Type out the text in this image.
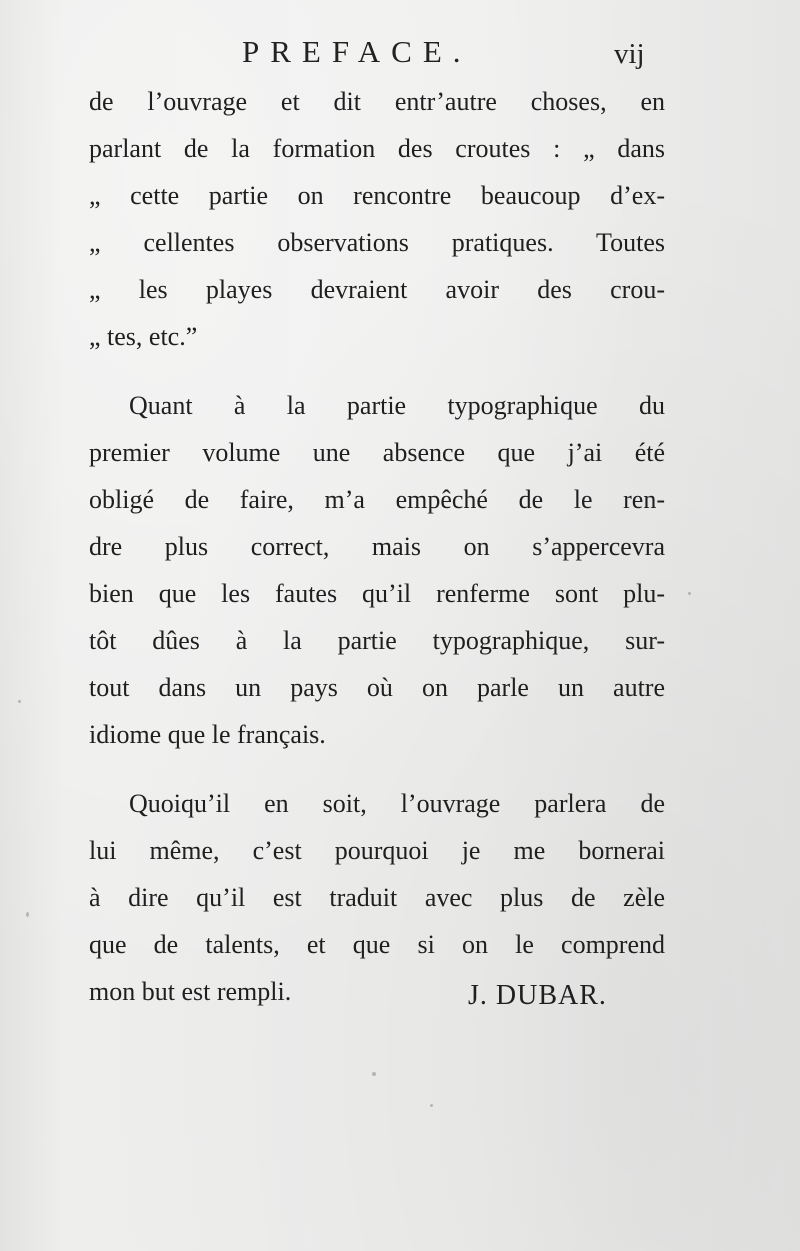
PREFACE.	vij
de l’ouvrage et dit entr’autre choses, en
parlant de la formation des croutes : „ dans
„ cette partie on rencontre beaucoup d’ex-
„ cellentes observations pratiques. Toutes
„ les playes devraient avoir des crou-
„ tes, etc.”
Quant à la partie typographique du
premier volume une absence que j’ai été
obligé de faire, m’a empêché de le ren-
dre plus correct, mais on s’appercevra
bien que les fautes qu’il renferme sont plu-
tôt dûes à la partie typographique, sur-
tout dans un pays où on parle un autre
idiome que le français.
Quoiqu’il en soit, l’ouvrage parlera de
lui même, c’est pourquoi je me bornerai
à dire qu’il est traduit avec plus de zèle
que de talents, et que si on le comprend
mon but est rempli.	J. DUBAR.
